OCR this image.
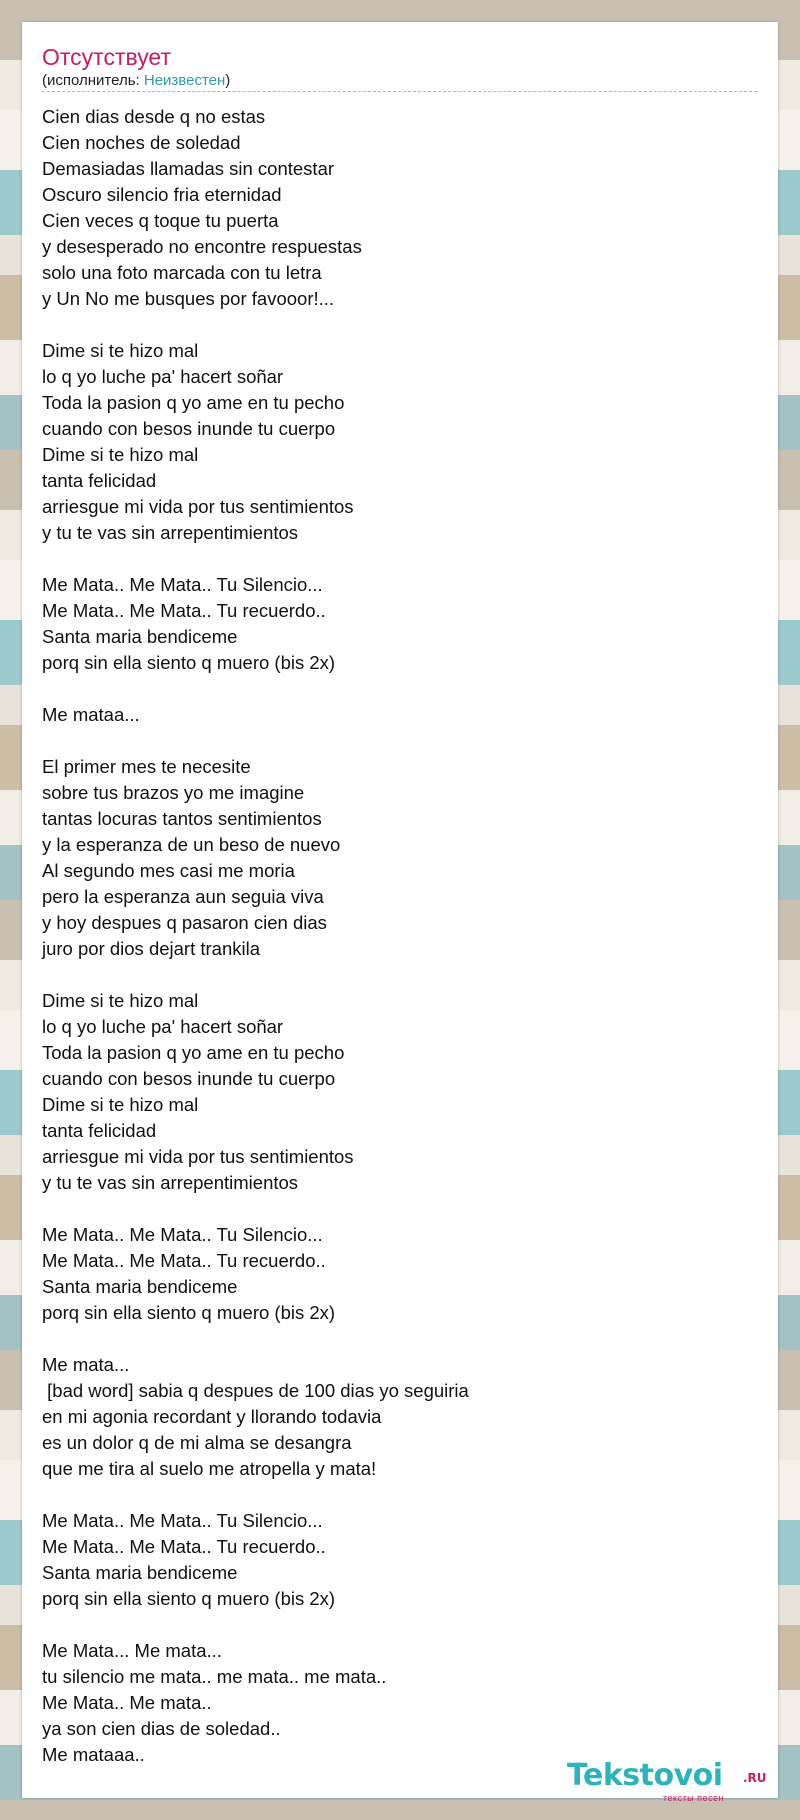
Отсутствует
(исполнитель: Неизвестен)
Cien dias desde q no estas
Cien noches de soledad
Demasiadas llamadas sin contestar
Oscuro silencio fria eternidad
Cien veces q toque tu puerta
y desesperado no encontre respuestas
solo una foto marcada con tu letra
y Un No me busques por favooor!...
Dime si te hizo mal
lo q yo luche pa' hacert soñar
Toda la pasion q yo ame en tu pecho
cuando con besos inunde tu cuerpo
Dime si te hizo mal
tanta felicidad
arriesgue mi vida por tus sentimientos
y tu te vas sin arrepentimientos
Me Mata.. Me Mata.. Tu Silencio...
Me Mata.. Me Mata.. Tu recuerdo..
Santa maria bendiceme
porq sin ella siento q muero (bis 2x)
Me mataa...
El primer mes te necesite
sobre tus brazos yo me imagine
tantas locuras tantos sentimientos
y la esperanza de un beso de nuevo
Al segundo mes casi me moria
pero la esperanza aun seguia viva
y hoy despues q pasaron cien dias
juro por dios dejart trankila
Dime si te hizo mal
lo q yo luche pa' hacert soñar
Toda la pasion q yo ame en tu pecho
cuando con besos inunde tu cuerpo
Dime si te hizo mal
tanta felicidad
arriesgue mi vida por tus sentimientos
y tu te vas sin arrepentimientos
Me Mata.. Me Mata.. Tu Silencio...
Me Mata.. Me Mata.. Tu recuerdo..
Santa maria bendiceme
porq sin ella siento q muero (bis 2x)
Me mata...
[bad word] sabia q despues de 100 dias yo seguiria
en mi agonia recordant y llorando todavia
es un dolor q de mi alma se desangra
que me tira al suelo me atropella y mata!
Me Mata.. Me Mata.. Tu Silencio...
Me Mata.. Me Mata.. Tu recuerdo..
Santa maria bendiceme
porq sin ella siento q muero (bis 2x)
Me Mata... Me mata...
tu silencio me mata.. me mata.. me mata..
Me Mata.. Me mata..
ya son cien dias de soledad..
Me mataaa..
Tekstovoi .RU
тексты песен
